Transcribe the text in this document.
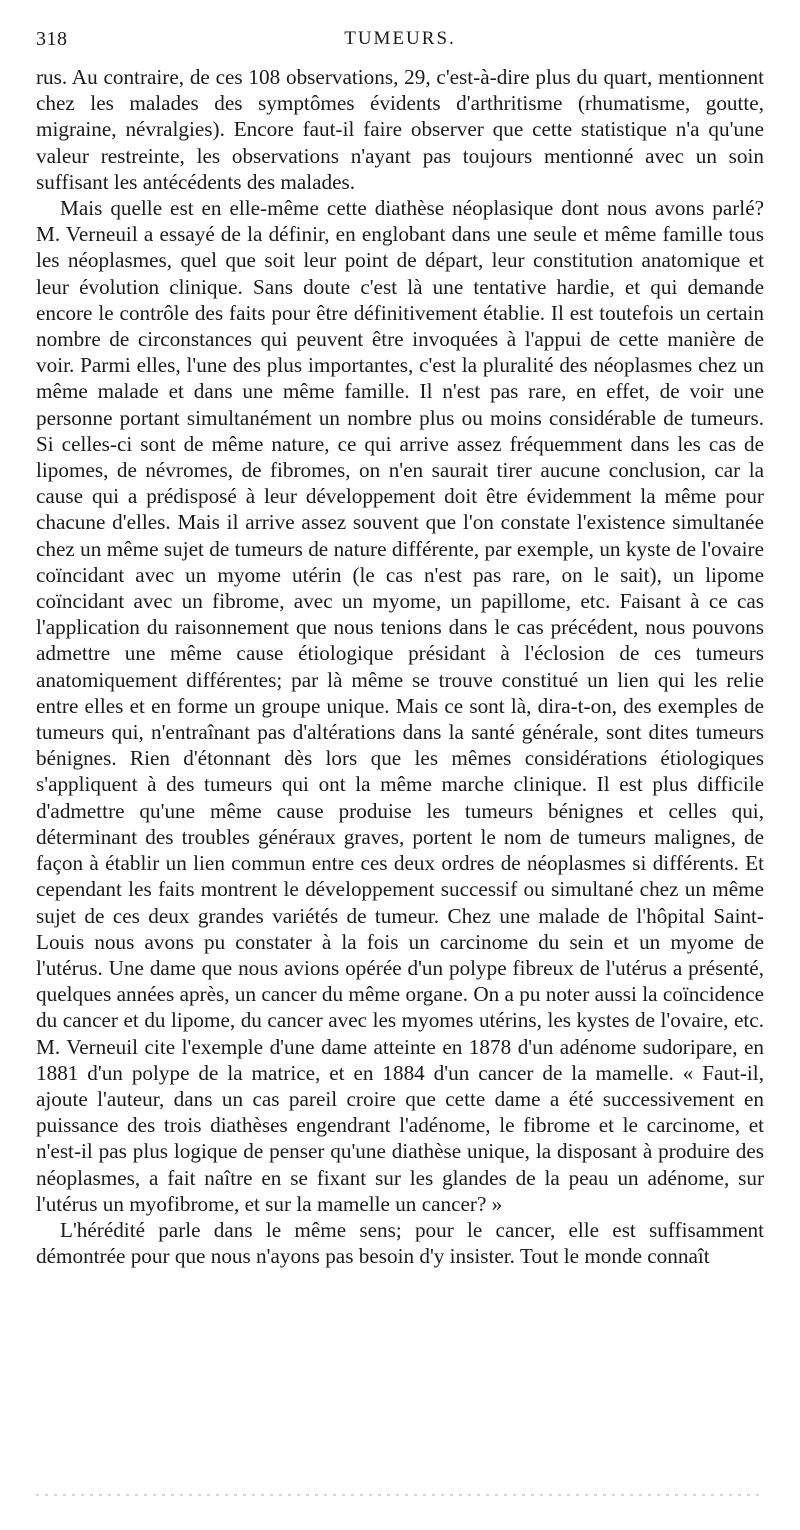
318	TUMEURS.

rus. Au contraire, de ces 108 observations, 29, c'est-à-dire plus du quart, mentionnent chez les malades des symptômes évidents d'arthritisme (rhumatisme, goutte, migraine, névralgies). Encore faut-il faire observer que cette statistique n'a qu'une valeur restreinte, les observations n'ayant pas toujours mentionné avec un soin suffisant les antécédents des malades.

Mais quelle est en elle-même cette diathèse néoplasique dont nous avons parlé? M. Verneuil a essayé de la définir, en englobant dans une seule et même famille tous les néoplasmes, quel que soit leur point de départ, leur constitution anatomique et leur évolution clinique. Sans doute c'est là une tentative hardie, et qui demande encore le contrôle des faits pour être définitivement établie. Il est toutefois un certain nombre de circonstances qui peuvent être invoquées à l'appui de cette manière de voir. Parmi elles, l'une des plus importantes, c'est la pluralité des néoplasmes chez un même malade et dans une même famille. Il n'est pas rare, en effet, de voir une personne portant simultanément un nombre plus ou moins considérable de tumeurs. Si celles-ci sont de même nature, ce qui arrive assez fréquemment dans les cas de lipomes, de névromes, de fibromes, on n'en saurait tirer aucune conclusion, car la cause qui a prédisposé à leur développement doit être évidemment la même pour chacune d'elles. Mais il arrive assez souvent que l'on constate l'existence simultanée chez un même sujet de tumeurs de nature différente, par exemple, un kyste de l'ovaire coïncidant avec un myome utérin (le cas n'est pas rare, on le sait), un lipome coïncidant avec un fibrome, avec un myome, un papillome, etc. Faisant à ce cas l'application du raisonnement que nous tenions dans le cas précédent, nous pouvons admettre une même cause étiologique présidant à l'éclosion de ces tumeurs anatomiquement différentes; par là même se trouve constitué un lien qui les relie entre elles et en forme un groupe unique. Mais ce sont là, dira-t-on, des exemples de tumeurs qui, n'entraînant pas d'altérations dans la santé générale, sont dites tumeurs bénignes. Rien d'étonnant dès lors que les mêmes considérations étiologiques s'appliquent à des tumeurs qui ont la même marche clinique. Il est plus difficile d'admettre qu'une même cause produise les tumeurs bénignes et celles qui, déterminant des troubles généraux graves, portent le nom de tumeurs malignes, de façon à établir un lien commun entre ces deux ordres de néoplasmes si différents. Et cependant les faits montrent le développement successif ou simultané chez un même sujet de ces deux grandes variétés de tumeur. Chez une malade de l'hôpital Saint-Louis nous avons pu constater à la fois un carcinome du sein et un myome de l'utérus. Une dame que nous avions opérée d'un polype fibreux de l'utérus a présenté, quelques années après, un cancer du même organe. On a pu noter aussi la coïncidence du cancer et du lipome, du cancer avec les myomes utérins, les kystes de l'ovaire, etc. M. Verneuil cite l'exemple d'une dame atteinte en 1878 d'un adénome sudoripare, en 1881 d'un polype de la matrice, et en 1884 d'un cancer de la mamelle. « Faut-il, ajoute l'auteur, dans un cas pareil croire que cette dame a été successivement en puissance des trois diathèses engendrant l'adénome, le fibrome et le carcinome, et n'est-il pas plus logique de penser qu'une diathèse unique, la disposant à produire des néoplasmes, a fait naître en se fixant sur les glandes de la peau un adénome, sur l'utérus un myofibrome, et sur la mamelle un cancer? »

L'hérédité parle dans le même sens; pour le cancer, elle est suffisamment démontrée pour que nous n'ayons pas besoin d'y insister. Tout le monde connaît
